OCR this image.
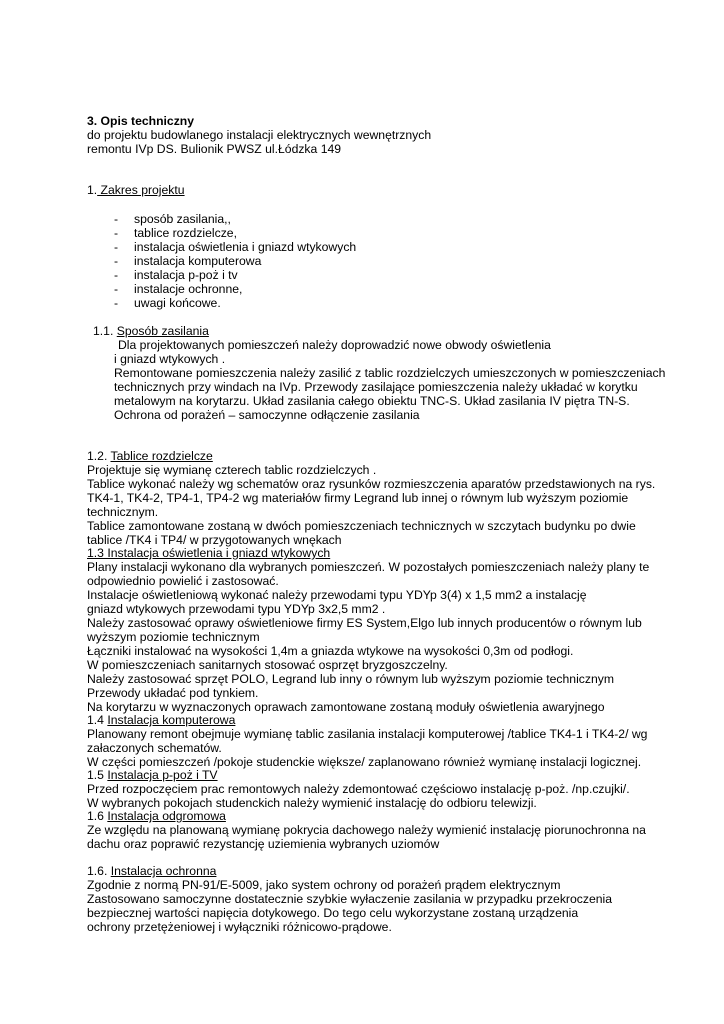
3. Opis techniczny
do projektu budowlanego instalacji elektrycznych wewnętrznych
remontu IVp DS. Bulionik PWSZ ul.Łódzka 149
1. Zakres projektu
- sposób zasilania,,
- tablice rozdzielcze,
- instalacja oświetlenia i gniazd wtykowych
- instalacja komputerowa
- instalacja p-poż i tv
- instalacje ochronne,
- uwagi końcowe.
1.1. Sposób zasilania
Dla projektowanych pomieszczeń należy doprowadzić nowe obwody oświetlenia
i gniazd wtykowych .
Remontowane pomieszczenia należy zasilić z tablic rozdzielczych umieszczonych w pomieszczeniach
technicznych przy windach na IVp. Przewody zasilające pomieszczenia należy układać w korytku
metalowym na korytarzu. Układ zasilania całego obiektu TNC-S. Układ zasilania IV piętra TN-S.
Ochrona od porażeń – samoczynne odłączenie zasilania
1.2. Tablice rozdzielcze
Projektuje się wymianę czterech tablic rozdzielczych .
Tablice wykonać należy wg schematów oraz rysunków rozmieszczenia aparatów przedstawionych na rys.
TK4-1, TK4-2, TP4-1, TP4-2 wg materiałów firmy Legrand lub innej o równym lub wyższym poziomie
technicznym.
Tablice zamontowane zostaną w dwóch pomieszczeniach technicznych w szczytach budynku po dwie
tablice /TK4 i TP4/ w przygotowanych wnękach
1.3 Instalacja oświetlenia i gniazd wtykowych
Plany instalacji wykonano dla wybranych pomieszczeń. W pozostałych pomieszczeniach należy plany te
odpowiednio powielić i zastosować.
Instalacje oświetleniową wykonać należy przewodami typu YDYp 3(4) x 1,5 mm2 a instalację
gniazd wtykowych przewodami typu YDYp 3x2,5 mm2 .
Należy zastosować oprawy oświetleniowe firmy ES System,Elgo lub innych producentów o równym lub
wyższym poziomie technicznym
Łączniki instalować na wysokości 1,4m a gniazda wtykowe na wysokości 0,3m od podłogi.
W pomieszczeniach sanitarnych stosować osprzęt bryzgoszczelny.
Należy zastosować sprzęt POLO, Legrand lub inny o równym lub wyższym poziomie technicznym
Przewody układać pod tynkiem.
Na korytarzu w wyznaczonych oprawach zamontowane zostaną moduły oświetlenia awaryjnego
1.4 Instalacja komputerowa
Planowany remont obejmuje wymianę tablic zasilania instalacji komputerowej /tablice TK4-1 i TK4-2/ wg
załaczonych schematów.
W części pomieszczeń /pokoje studenckie większe/ zaplanowano również wymianę instalacji logicznej.
1.5 Instalacja p-poż i TV
Przed rozpoczęciem prac remontowych należy zdemontować częściowo instalację p-poż. /np.czujki/.
W wybranych pokojach studenckich należy wymienić instalację do odbioru telewizji.
1.6 Instalacja odgromowa
Ze względu na planowaną wymianę pokrycia dachowego należy wymienić instalację piorunochronna na
dachu oraz poprawić rezystancję uziemienia wybranych uziomów
1.6. Instalacja ochronna
Zgodnie z normą PN-91/E-5009, jako system ochrony od porażeń prądem elektrycznym
Zastosowano samoczynne dostatecznie szybkie wyłaczenie zasilania w przypadku przekroczenia
bezpiecznej wartości napięcia dotykowego. Do tego celu wykorzystane zostaną urządzenia
ochrony przetężeniowej i wyłączniki różnicowo-prądowe.
